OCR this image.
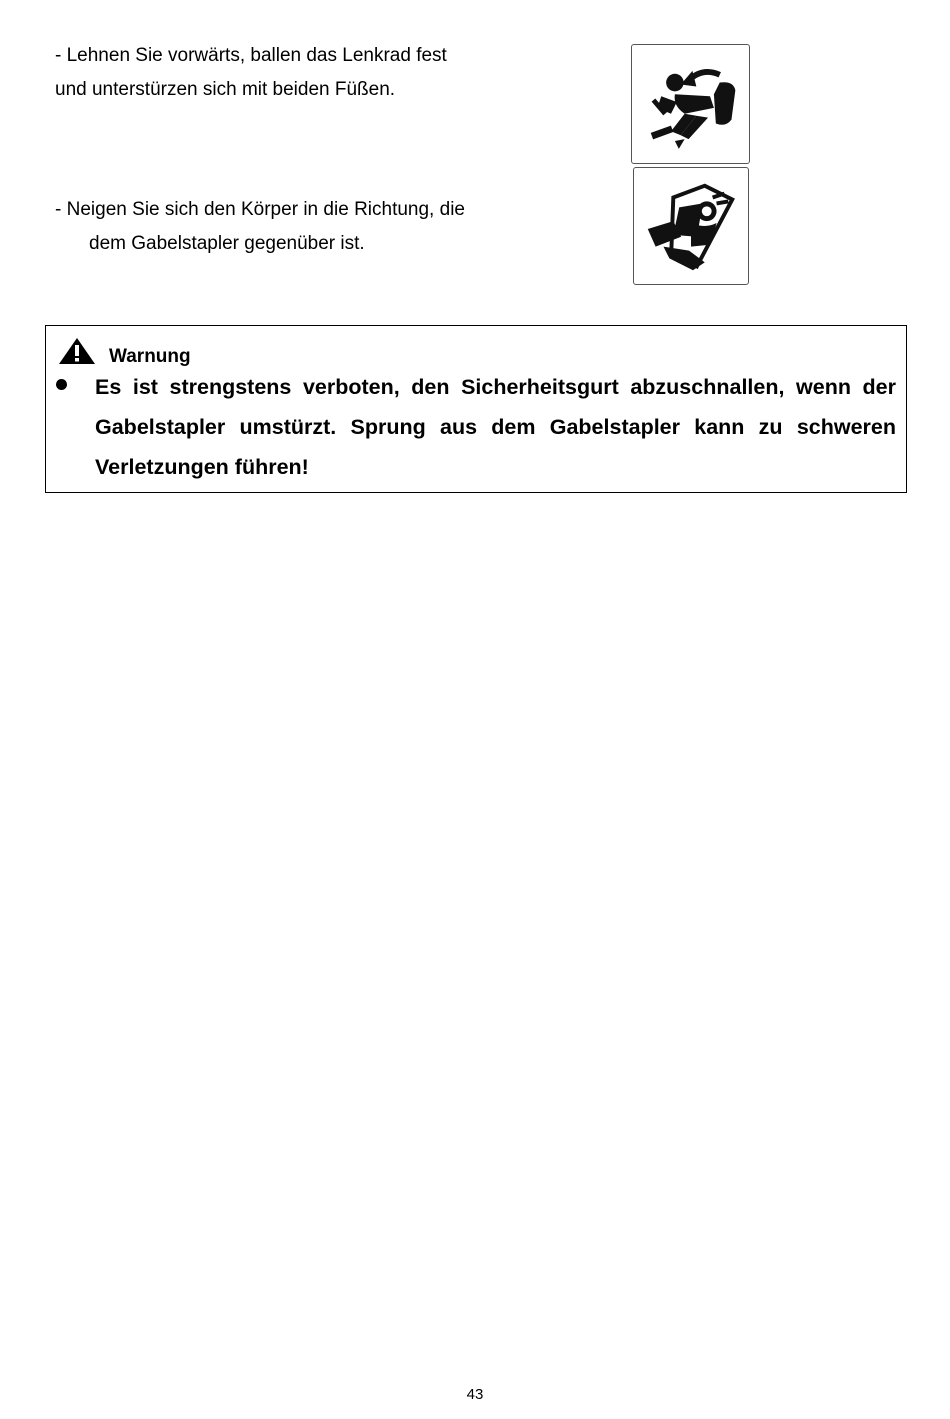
- Lehnen Sie vorwärts, ballen das Lenkrad fest und unterstürzen sich mit beiden Füßen.
- Neigen Sie sich den Körper in die Richtung, die dem Gabelstapler gegenüber ist.
Warnung
Es ist strengstens verboten, den Sicherheitsgurt abzuschnallen, wenn der Gabelstapler umstürzt. Sprung aus dem Gabelstapler kann zu schweren Verletzungen führen!
43
